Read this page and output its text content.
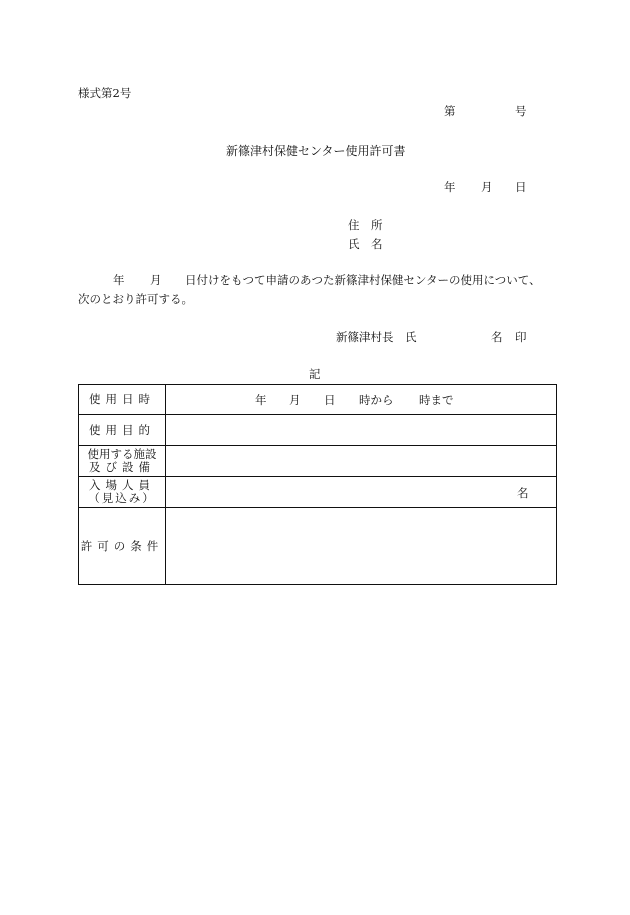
様式第2号
第	号
新篠津村保健センター使用許可書
年 月 日
住　所
氏　名
年 月 日付けをもつて申請のあつた新篠津村保健センターの使用について、
次のとおり許可する。
新篠津村長　氏	名 印
記
使用日時	年 月 日 時から 時まで

使用目的	

使用する施設
及び設備	

入場人員
（見込み）	名

許可の条件	
